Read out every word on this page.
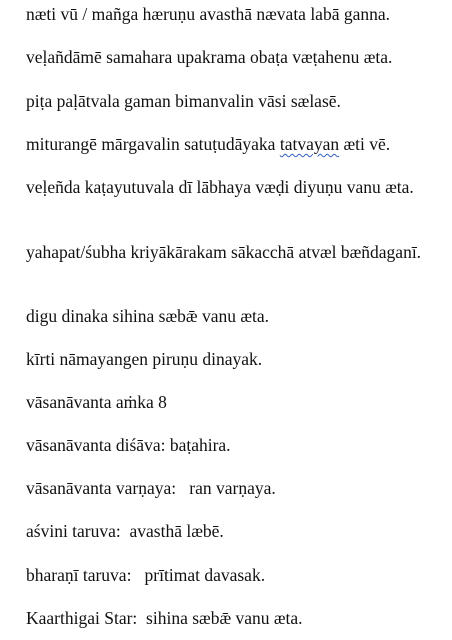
næti vū / mañga hæruṇu avasthā nævata labā ganna.

veḷañdāmē samahara upakrama obaṭa væṭahenu æta.

piṭa paḷātvala gaman bimanvalin vāsi sælasē.

miturangē mārgavalin satuṭudāyaka tatvayan æti vē.

veḷeñda kaṭayutuvala dī lābhaya væḍi diyuṇu vanu æta.

yahapat/śubha kriyākārakam sākacchā atvæl bæñdaganī.

digu dinaka sihina sæbǣ vanu æta.

kīrti nāmayangen piruṇu dinayak.

vāsanāvanta aṁka 8

vāsanāvanta diśāva: baṭahira.

vāsanāvanta varṇaya:   ran varṇaya.

aśvini taruva:  avasthā læbē.

bharaṇī taruva:   prītimat davasak.

Kaarthigai Star:  sihina sæbǣ vanu æta.
